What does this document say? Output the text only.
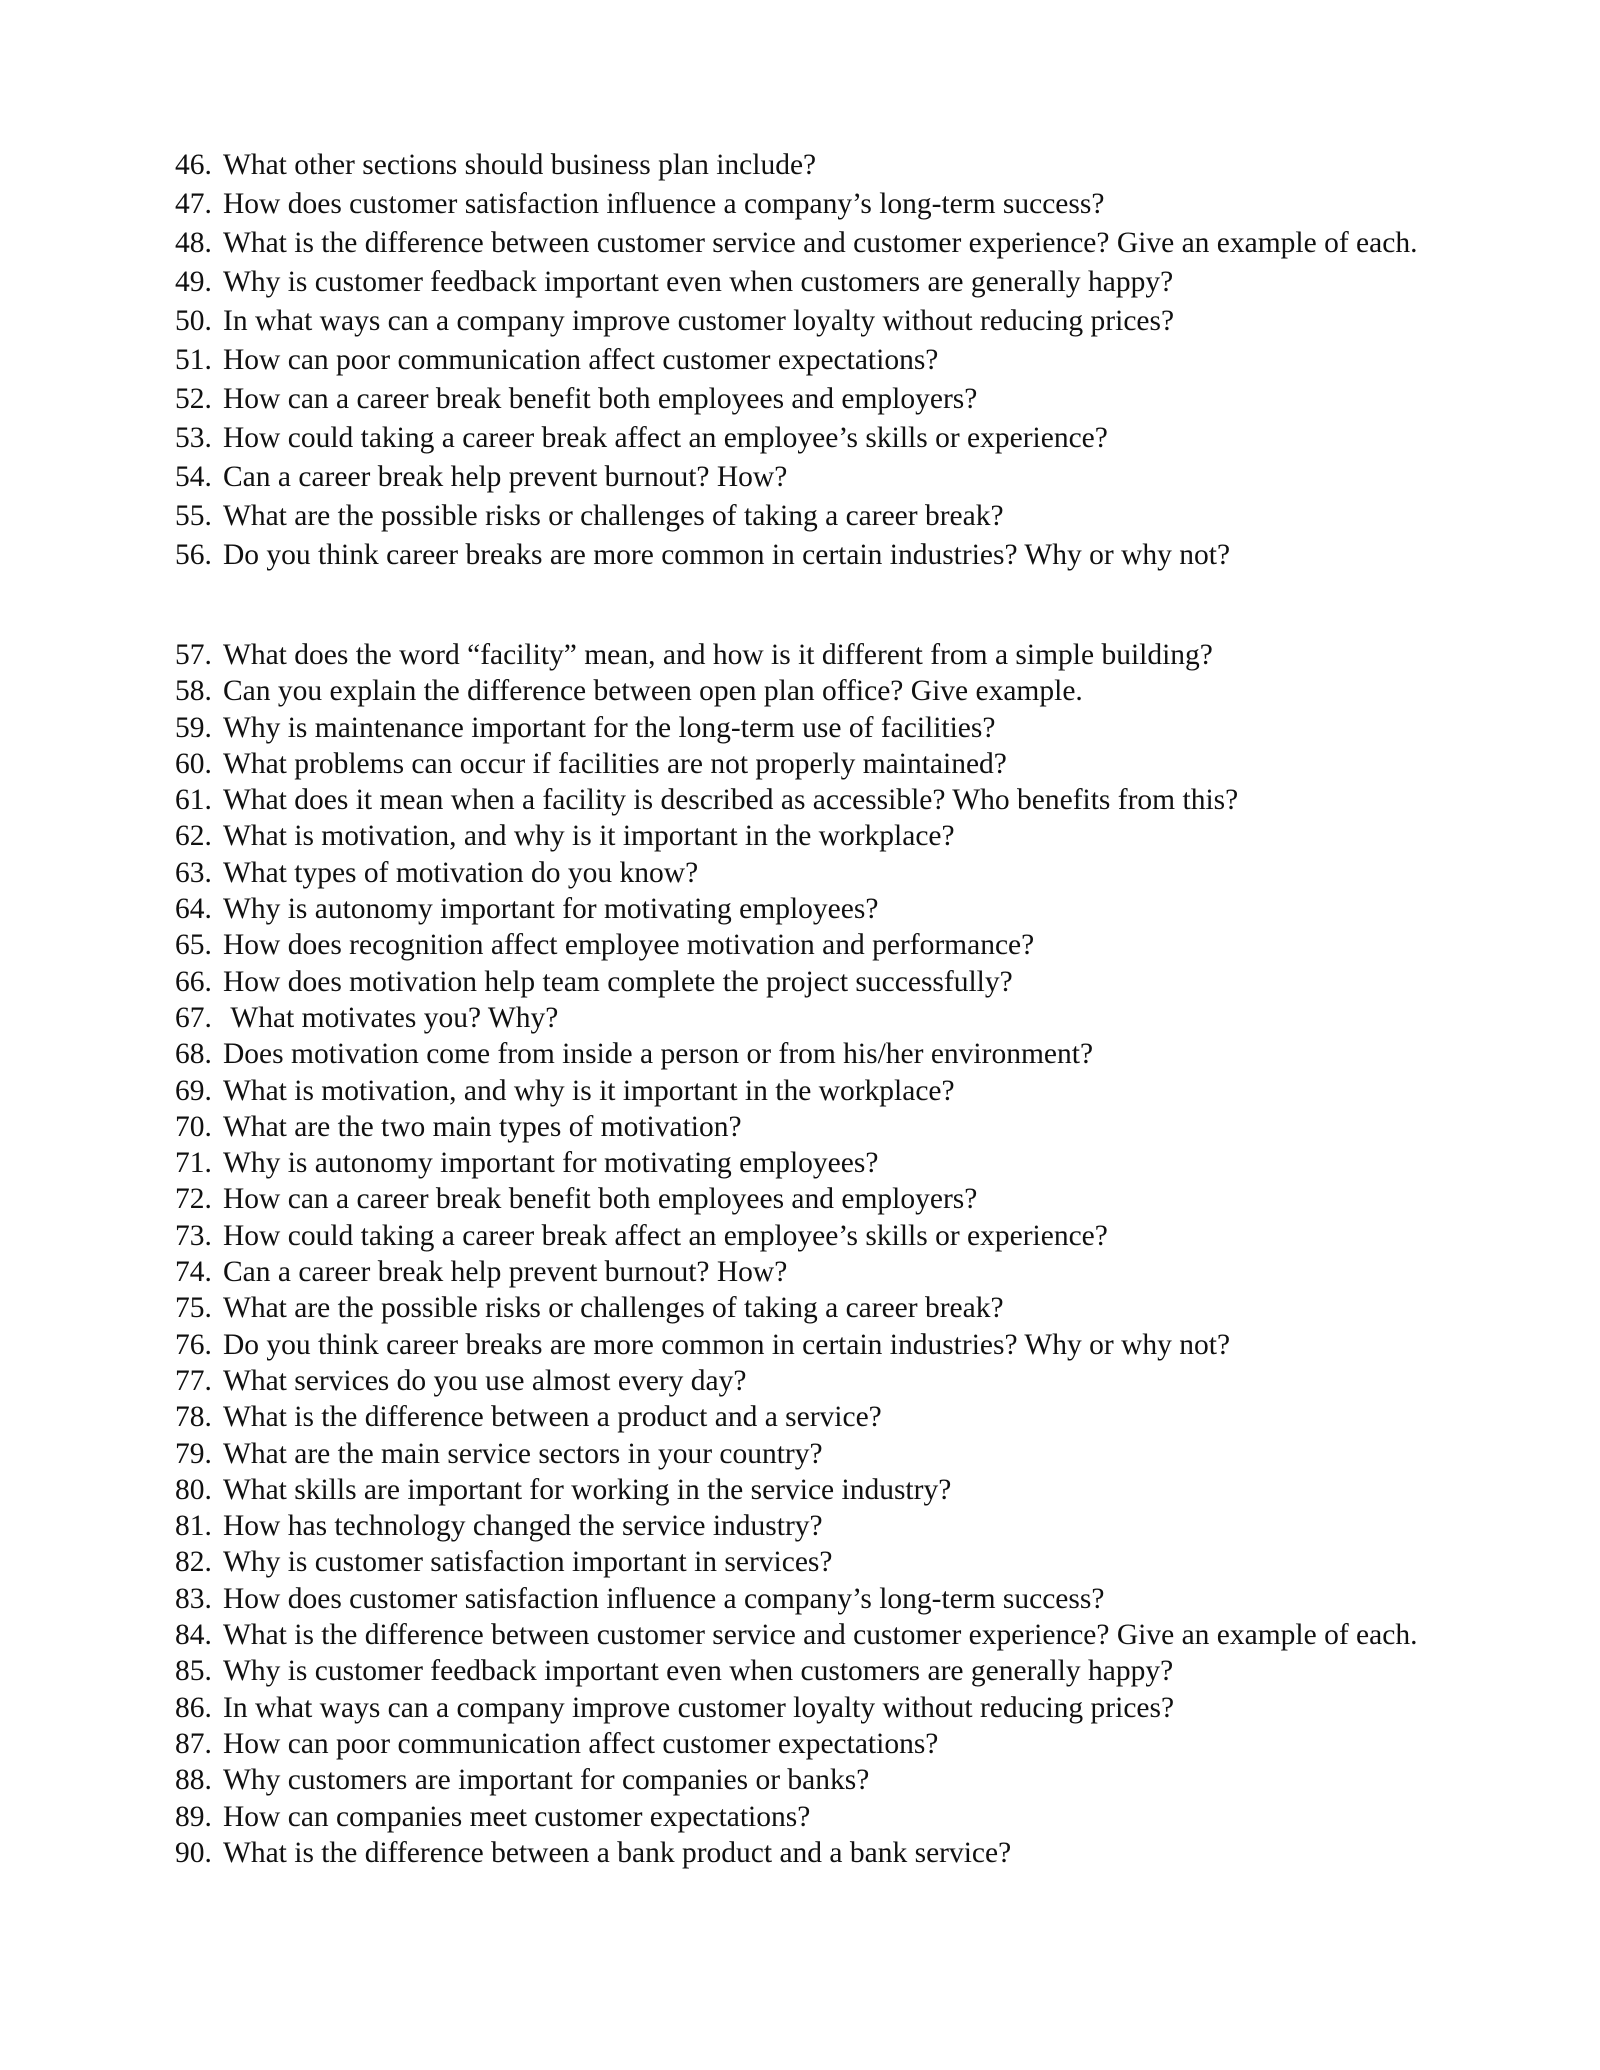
46. What other sections should business plan include?
47. How does customer satisfaction influence a company’s long-term success?
48. What is the difference between customer service and customer experience? Give an example of each.
49. Why is customer feedback important even when customers are generally happy?
50. In what ways can a company improve customer loyalty without reducing prices?
51. How can poor communication affect customer expectations?
52. How can a career break benefit both employees and employers?
53. How could taking a career break affect an employee’s skills or experience?
54. Can a career break help prevent burnout? How?
55. What are the possible risks or challenges of taking a career break?
56. Do you think career breaks are more common in certain industries? Why or why not?
57. What does the word “facility” mean, and how is it different from a simple building?
58. Can you explain the difference between open plan office? Give example.
59. Why is maintenance important for the long-term use of facilities?
60. What problems can occur if facilities are not properly maintained?
61. What does it mean when a facility is described as accessible? Who benefits from this?
62. What is motivation, and why is it important in the workplace?
63. What types of motivation do you know?
64. Why is autonomy important for motivating employees?
65. How does recognition affect employee motivation and performance?
66. How does motivation help team complete the project successfully?
67. What motivates you? Why?
68. Does motivation come from inside a person or from his/her environment?
69. What is motivation, and why is it important in the workplace?
70. What are the two main types of motivation?
71. Why is autonomy important for motivating employees?
72. How can a career break benefit both employees and employers?
73. How could taking a career break affect an employee’s skills or experience?
74. Can a career break help prevent burnout? How?
75. What are the possible risks or challenges of taking a career break?
76. Do you think career breaks are more common in certain industries? Why or why not?
77. What services do you use almost every day?
78. What is the difference between a product and a service?
79. What are the main service sectors in your country?
80. What skills are important for working in the service industry?
81. How has technology changed the service industry?
82. Why is customer satisfaction important in services?
83. How does customer satisfaction influence a company’s long-term success?
84. What is the difference between customer service and customer experience? Give an example of each.
85. Why is customer feedback important even when customers are generally happy?
86. In what ways can a company improve customer loyalty without reducing prices?
87. How can poor communication affect customer expectations?
88. Why customers are important for companies or banks?
89. How can companies meet customer expectations?
90. What is the difference between a bank product and a bank service?
